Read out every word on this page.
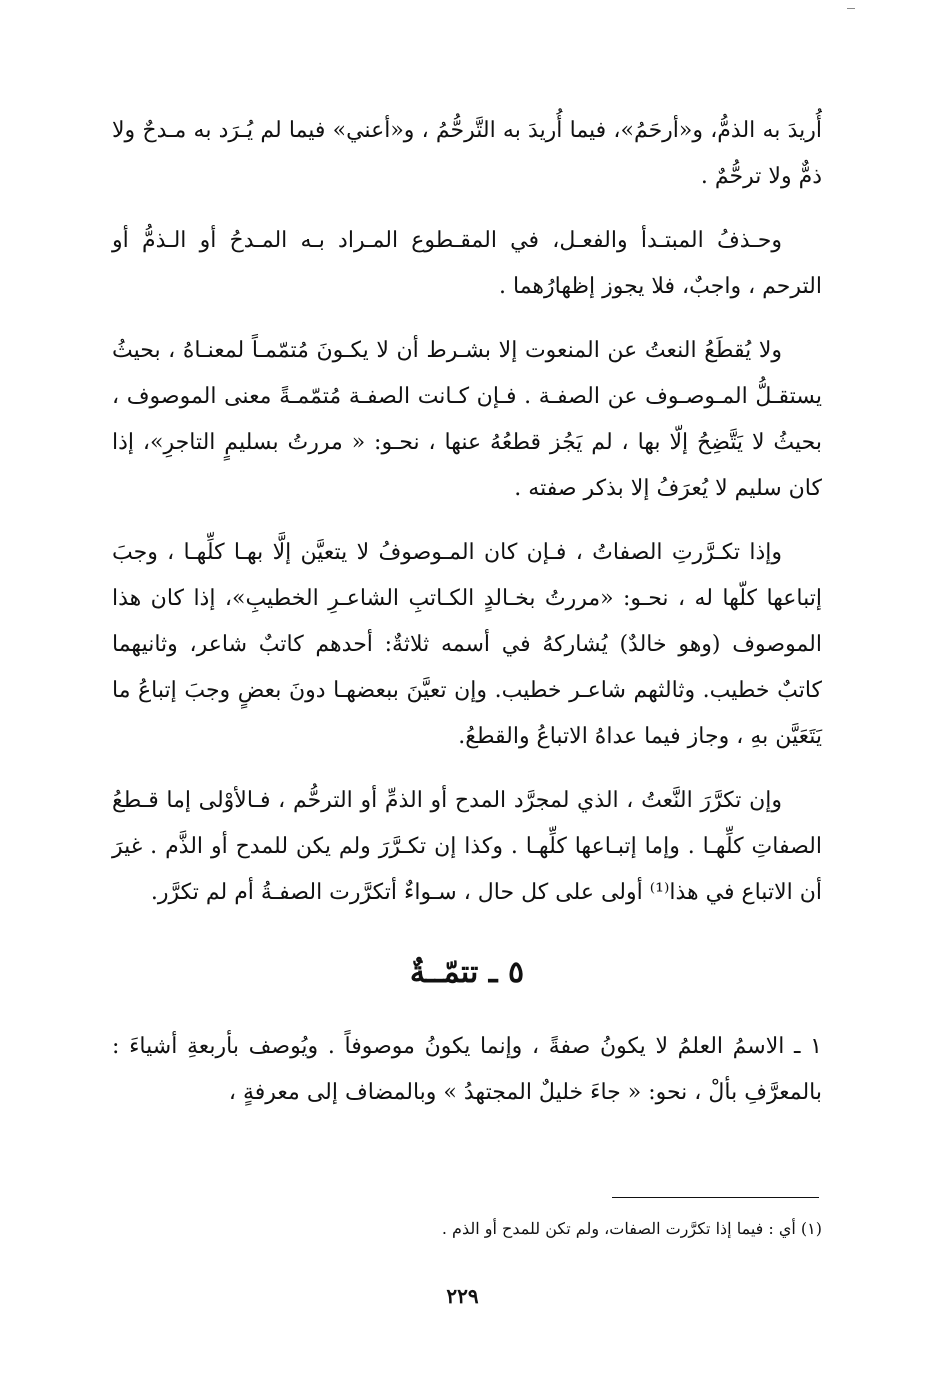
أُريدَ به الذمُّ، و«أرحَمُ»، فيما أُريدَ به التَّرحُّمُ ، و«أعني» فيما لم يُـرَد به مـدحٌ ولا ذمٌّ ولا ترحُّمٌ .

وحـذفُ المبتـدأ والفعـل، في المقـطوع المـراد بـه المـدحُ أو الـذمُّ أو الترحم ، واجبٌ، فلا يجوز إظهارُهما .

ولا يُقطَعُ النعتُ عن المنعوت إلا بشـرط أن لا يكـونَ مُتمّمـاً لمعنـاهُ ، بحيثُ يستقـلُّ المـوصـوف عن الصفـة . فـإن كـانت الصفـة مُتمّمـةً معنى الموصوف ، بحيثُ لا يَتَّضِحُ إلّا بها ، لم يَجُز قطعُهُ عنها ، نحـو: « مررتُ بسليمٍ التاجرِ»، إذا كان سليم لا يُعرَفُ إلا بذكر صفته .

وإذا تكـرَّرتِ الصفاتُ ، فـإن كان المـوصوفُ لا يتعيَّن إلَّا بهـا كلِّهـا ، وجبَ إتباعها كلّها له ، نحـو: «مررتُ بخـالدٍ الكـاتبِ الشاعـرِ الخطيبِ»، إذا كان هذا الموصوف (وهو خالدٌ) يُشاركهُ في أسمه ثلاثةٌ: أحدهم كاتبٌ شاعر، وثانيهما كاتبٌ خطيب. وثالثهم شاعـر خطيب. وإن تعيَّنَ ببعضهـا دونَ بعضٍ وجبَ إتباعُ ما يَتَعَيَّن بهِ ، وجاز فيما عداهُ الاتباعُ والقطعُ.

وإن تكرَّرَ النَّعتُ ، الذي لمجرَّد المدح أو الذمِّ أو الترحُّم ، فـالأوْلى إما قـطعُ الصفاتِ كلِّهـا . وإما إتبـاعها كلِّهـا . وكذا إن تكـرَّرَ ولم يكن للمدح أو الذَّم . غيرَ أن الاتباع في هذا⁽¹⁾ أولى على كل حال ، سـواءٌ أتكرَّرت الصفـةُ أم لم تكرَّر.

٥ ـ تتمّــةٌ

١ ـ الاسمُ العلمُ لا يكونُ صفةً ، وإنما يكونُ موصوفاً . ويُوصف بأربعةِ أشياءَ : بالمعرَّفِ بألْ ، نحو: « جاءَ خليلٌ المجتهدُ » وبالمضاف إلى معرفةٍ ،

(١) أي : فيما إذا تكرَّرت الصفات، ولم تكن للمدح أو الذم .
٢٢٩
